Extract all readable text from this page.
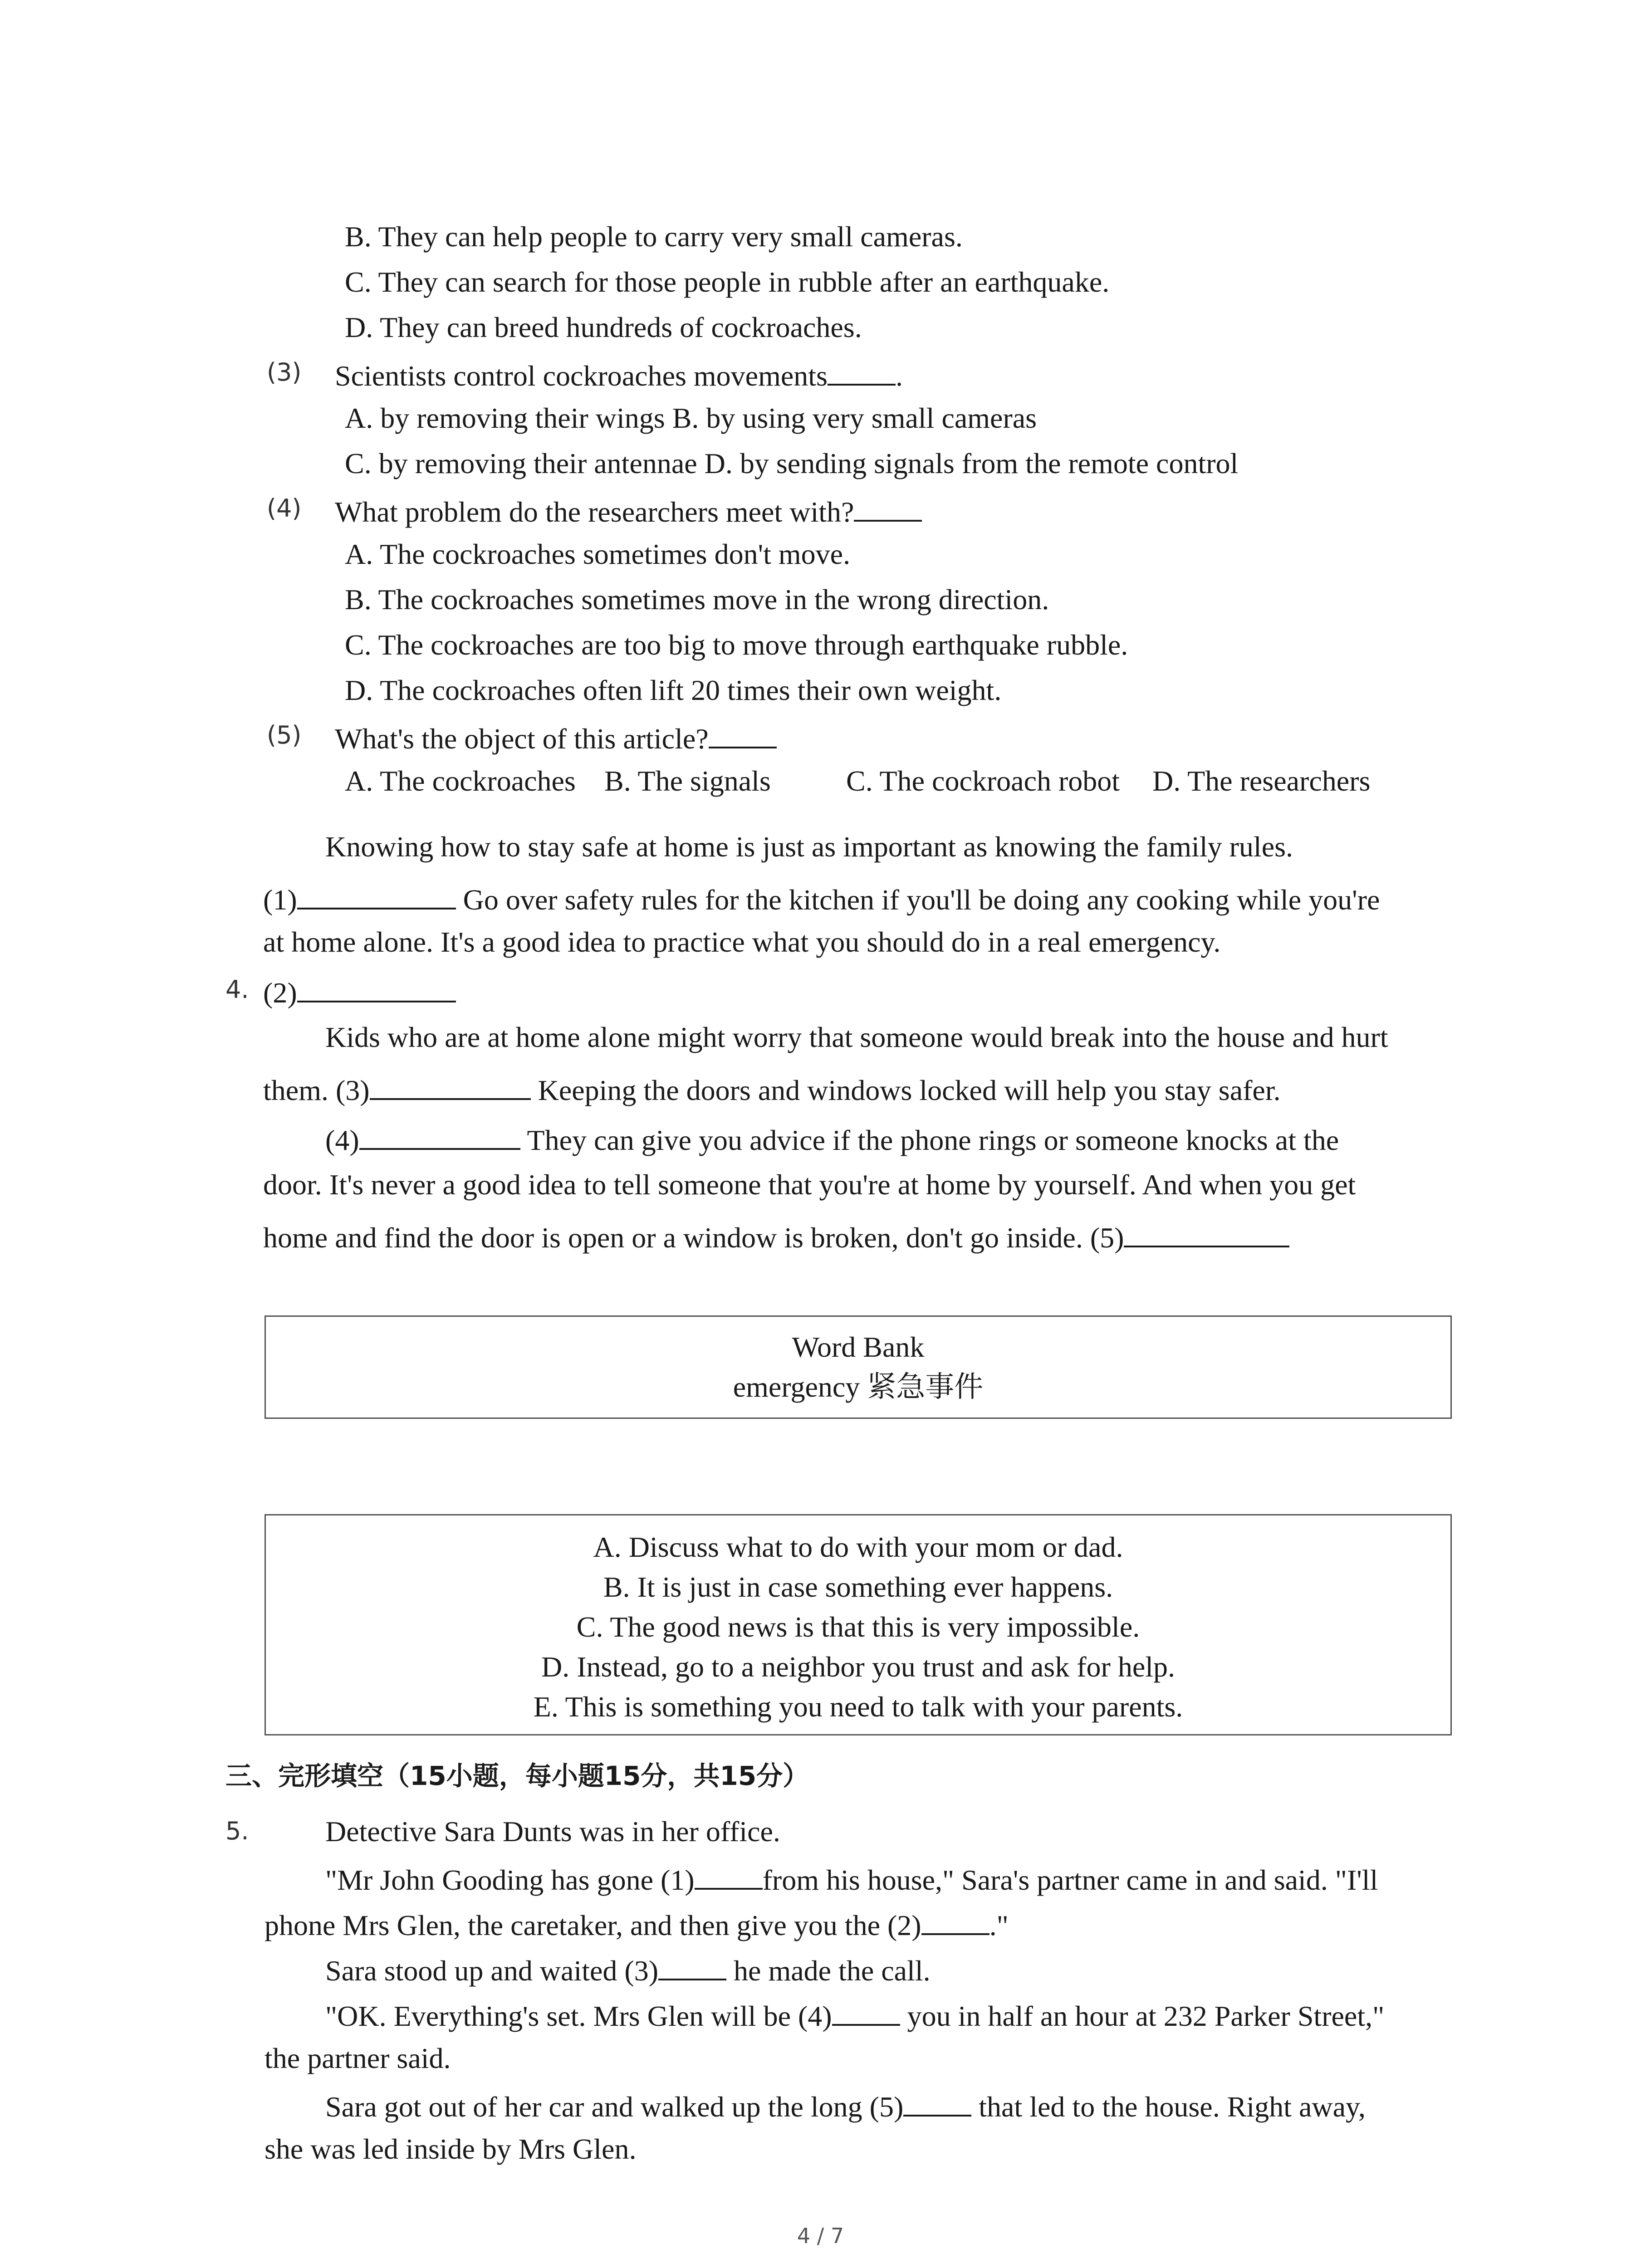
B. They can help people to carry very small cameras.
C. They can search for those people in rubble after an earthquake.
D. They can breed hundreds of cockroaches.
(3) Scientists control cockroaches movements .
A. by removing their wings B. by using very small cameras
C. by removing their antennae D. by sending signals from the remote control
(4) What problem do the researchers meet with?
A. The cockroaches sometimes don't move.
B. The cockroaches sometimes move in the wrong direction.
C. The cockroaches are too big to move through earthquake rubble.
D. The cockroaches often lift 20 times their own weight.
(5) What's the object of this article?
A. The cockroaches B. The signals	C. The cockroach robot D. The researchers
Knowing how to stay safe at home is just as important as knowing the family rules.
(1)	Go over safety rules for the kitchen if you'll be doing any cooking while you're
at home alone. It's a good idea to practice what you should do in a real emergency.
4. (2)
Kids who are at home alone might worry that someone would break into the house and hurt
them. (3)	Keeping the doors and windows locked will help you stay safer.
(4)	They can give you advice if the phone rings or someone knocks at the
door. It's never a good idea to tell someone that you're at home by yourself. And when you get
home and find the door is open or a window is broken, don't go inside. (5)
Word Bank
emergency 紧急事件
A. Discuss what to do with your mom or dad.
B. It is just in case something ever happens.
C. The good news is that this is very impossible.
D. Instead, go to a neighbor you trust and ask for help.
E. This is something you need to talk with your parents.
三、完形填空（15小题，每小题15分，共15分）
5.	Detective Sara Dunts was in her office.
"Mr John Gooding has gone (1) from his house," Sara's partner came in and said. "I'll
phone Mrs Glen, the caretaker, and then give you the (2) ."
Sara stood up and waited (3)	he made the call.
"OK. Everything's set. Mrs Glen will be (4)	you in half an hour at 232 Parker Street,"
the partner said.
Sara got out of her car and walked up the long (5)	that led to the house. Right away,
she was led inside by Mrs Glen.
4 / 7
